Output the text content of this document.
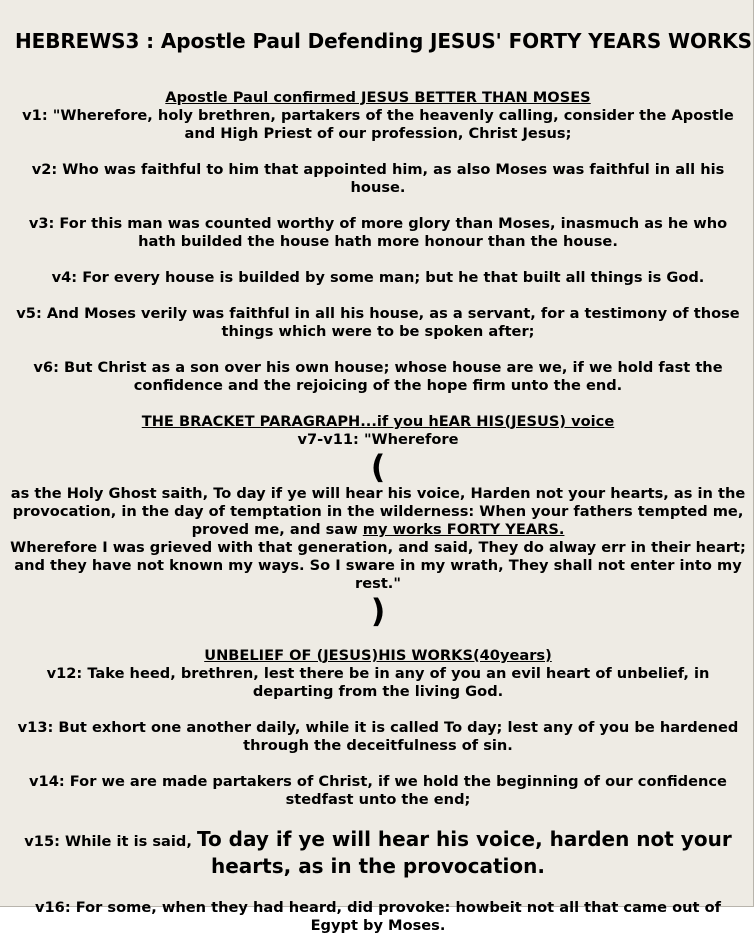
HEBREWS3 : Apostle Paul Defending JESUS' FORTY YEARS WORKS

Apostle Paul confirmed JESUS BETTER THAN MOSES

v1: "Wherefore, holy brethren, partakers of the heavenly calling, consider the Apostle and High Priest of our profession, Christ Jesus;

v2: Who was faithful to him that appointed him, as also Moses was faithful in all his house.

v3: For this man was counted worthy of more glory than Moses, inasmuch as he who hath builded the house hath more honour than the house.

v4: For every house is builded by some man; but he that built all things is God.

v5: And Moses verily was faithful in all his house, as a servant, for a testimony of those things which were to be spoken after;

v6: But Christ as a son over his own house; whose house are we, if we hold fast the confidence and the rejoicing of the hope firm unto the end.

THE BRACKET PARAGRAPH...if you hEAR HIS(JESUS) voice

v7-v11: "Wherefore

(

as the Holy Ghost saith, To day if ye will hear his voice, Harden not your hearts, as in the provocation, in the day of temptation in the wilderness: When your fathers tempted me, proved me, and saw my works FORTY YEARS.

Wherefore I was grieved with that generation, and said, They do alway err in their heart; and they have not known my ways. So I sware in my wrath, They shall not enter into my rest."

)

UNBELIEF OF (JESUS)HIS WORKS(40years)

v12: Take heed, brethren, lest there be in any of you an evil heart of unbelief, in departing from the living God.

v13: But exhort one another daily, while it is called To day; lest any of you be hardened through the deceitfulness of sin.

v14: For we are made partakers of Christ, if we hold the beginning of our confidence stedfast unto the end;

v15: While it is said, To day if ye will hear his voice, harden not your hearts, as in the provocation.

v16: For some, when they had heard, did provoke: howbeit not all that came out of Egypt by Moses.
